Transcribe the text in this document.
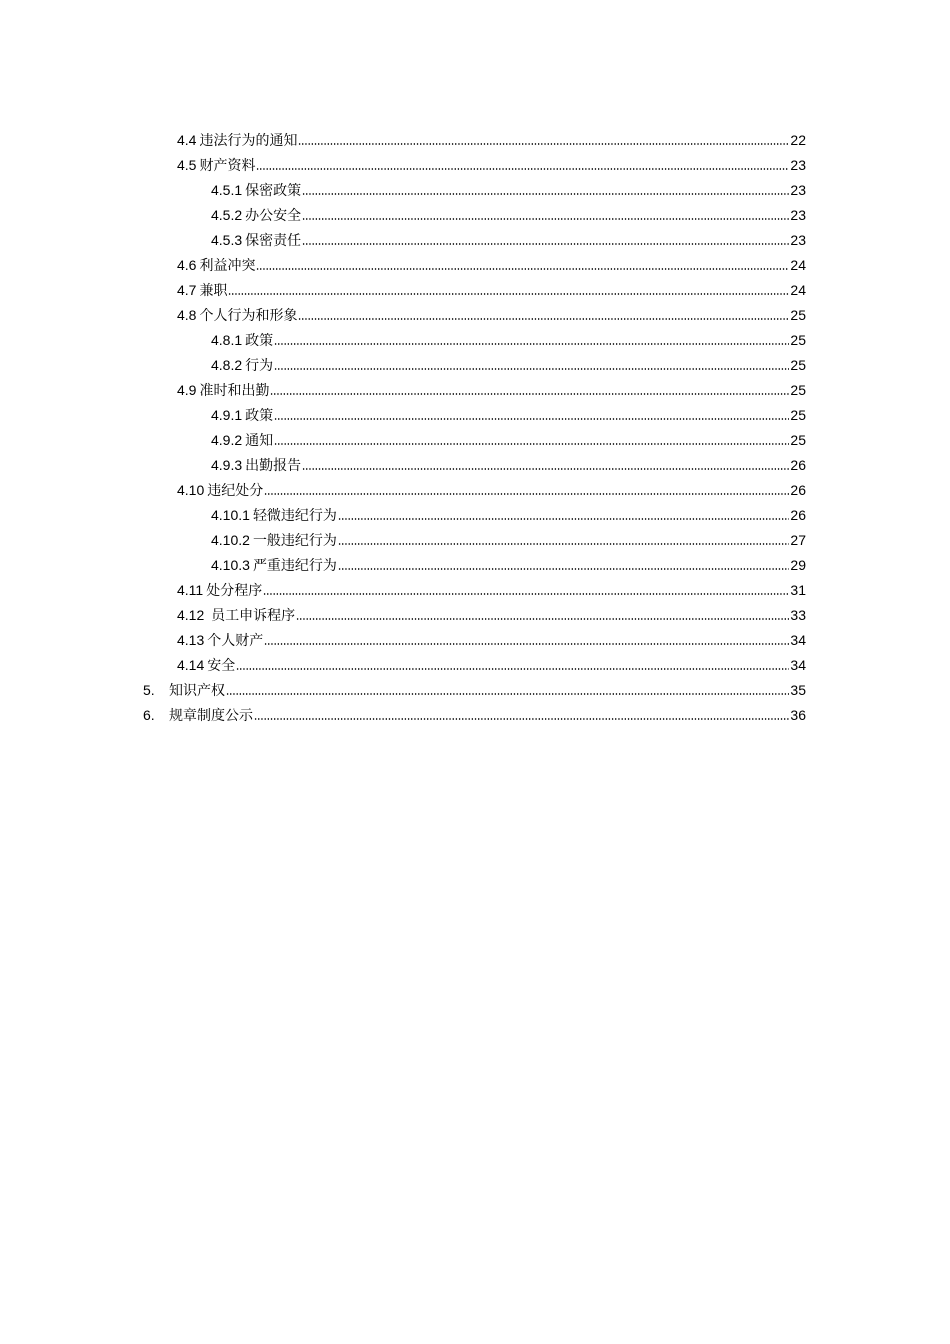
4.4 违法行为的通知	22
4.5 财产资料	23
4.5.1 保密政策	23
4.5.2 办公安全	23
4.5.3 保密责任	23
4.6 利益冲突	24
4.7 兼职	24
4.8 个人行为和形象	25
4.8.1 政策	25
4.8.2 行为	25
4.9 准时和出勤	25
4.9.1 政策	25
4.9.2 通知	25
4.9.3 出勤报告	26
4.10 违纪处分	26
4.10.1 轻微违纪行为	26
4.10.2 一般违纪行为	27
4.10.3 严重违纪行为	29
4.11 处分程序	31
4.12 员工申诉程序	33
4.13 个人财产	34
4.14 安全	34
5.	知识产权	35
6.	规章制度公示	36
